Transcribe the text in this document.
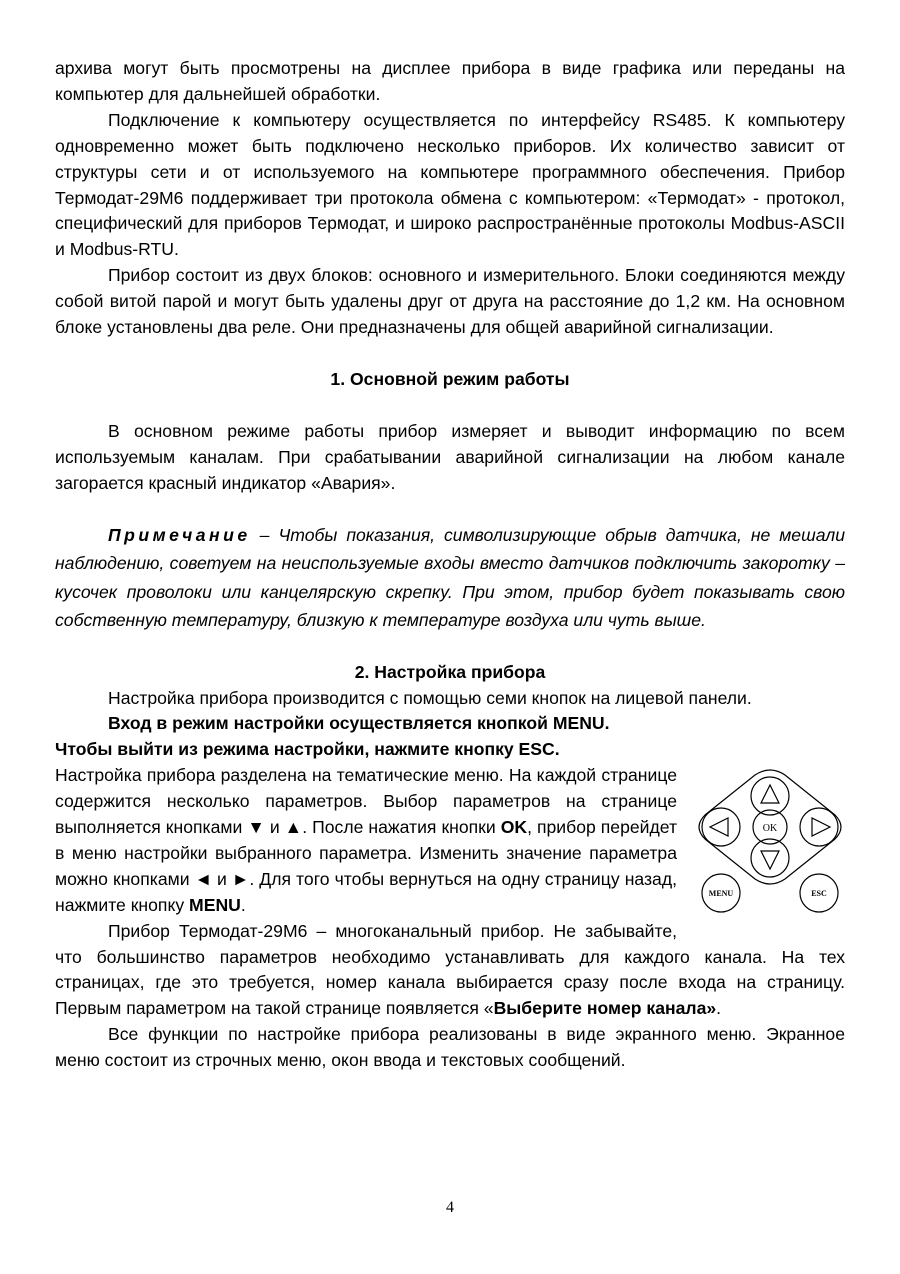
архива могут быть просмотрены на дисплее прибора в виде графика или переданы на компьютер для дальнейшей обработки.

Подключение к компьютеру осуществляется по интерфейсу RS485. К компьютеру одновременно может быть подключено несколько приборов. Их количество зависит от структуры сети и от используемого на компьютере программного обеспечения. Прибор Термодат-29М6 поддерживает три протокола обмена с компьютером: «Термодат» - протокол, специфический для приборов Термодат, и широко распространённые протоколы Modbus-ASCII и Modbus-RTU.

Прибор состоит из двух блоков: основного и измерительного. Блоки соединяются между собой витой парой и могут быть удалены друг от друга на расстояние до 1,2 км. На основном блоке установлены два реле. Они предназначены для общей аварийной сигнализации.

1. Основной режим работы

В основном режиме работы прибор измеряет и выводит информацию по всем используемым каналам. При срабатывании аварийной сигнализации на любом канале загорается красный индикатор «Авария».

Примечание – Чтобы показания, символизирующие обрыв датчика, не мешали наблюдению, советуем на неиспользуемые входы вместо датчиков подключить закоротку – кусочек проволоки или канцелярскую скрепку. При этом, прибор будет показывать свою собственную температуру, близкую к температуре воздуха или чуть выше.

2. Настройка прибора

Настройка прибора производится с помощью семи кнопок на лицевой панели.

Вход в режим настройки осуществляется кнопкой MENU.

Чтобы выйти из режима настройки, нажмите кнопку ESC.

OK
MENU	ESC

Настройка прибора разделена на тематические меню. На каждой странице содержится несколько параметров. Выбор параметров на странице выполняется кнопками ▼ и ▲. После нажатия кнопки OK, прибор перейдет в меню настройки выбранного параметра. Изменить значение параметра можно кнопками ◄ и ►. Для того чтобы вернуться на одну страницу назад, нажмите кнопку MENU.

Прибор Термодат-29М6 – многоканальный прибор. Не забывайте, что большинство параметров необходимо устанавливать для каждого канала. На тех страницах, где это требуется, номер канала выбирается сразу после входа на страницу. Первым параметром на такой странице появляется «Выберите номер канала».

Все функции по настройке прибора реализованы в виде экранного меню. Экранное меню состоит из строчных меню, окон ввода и текстовых сообщений.

4
